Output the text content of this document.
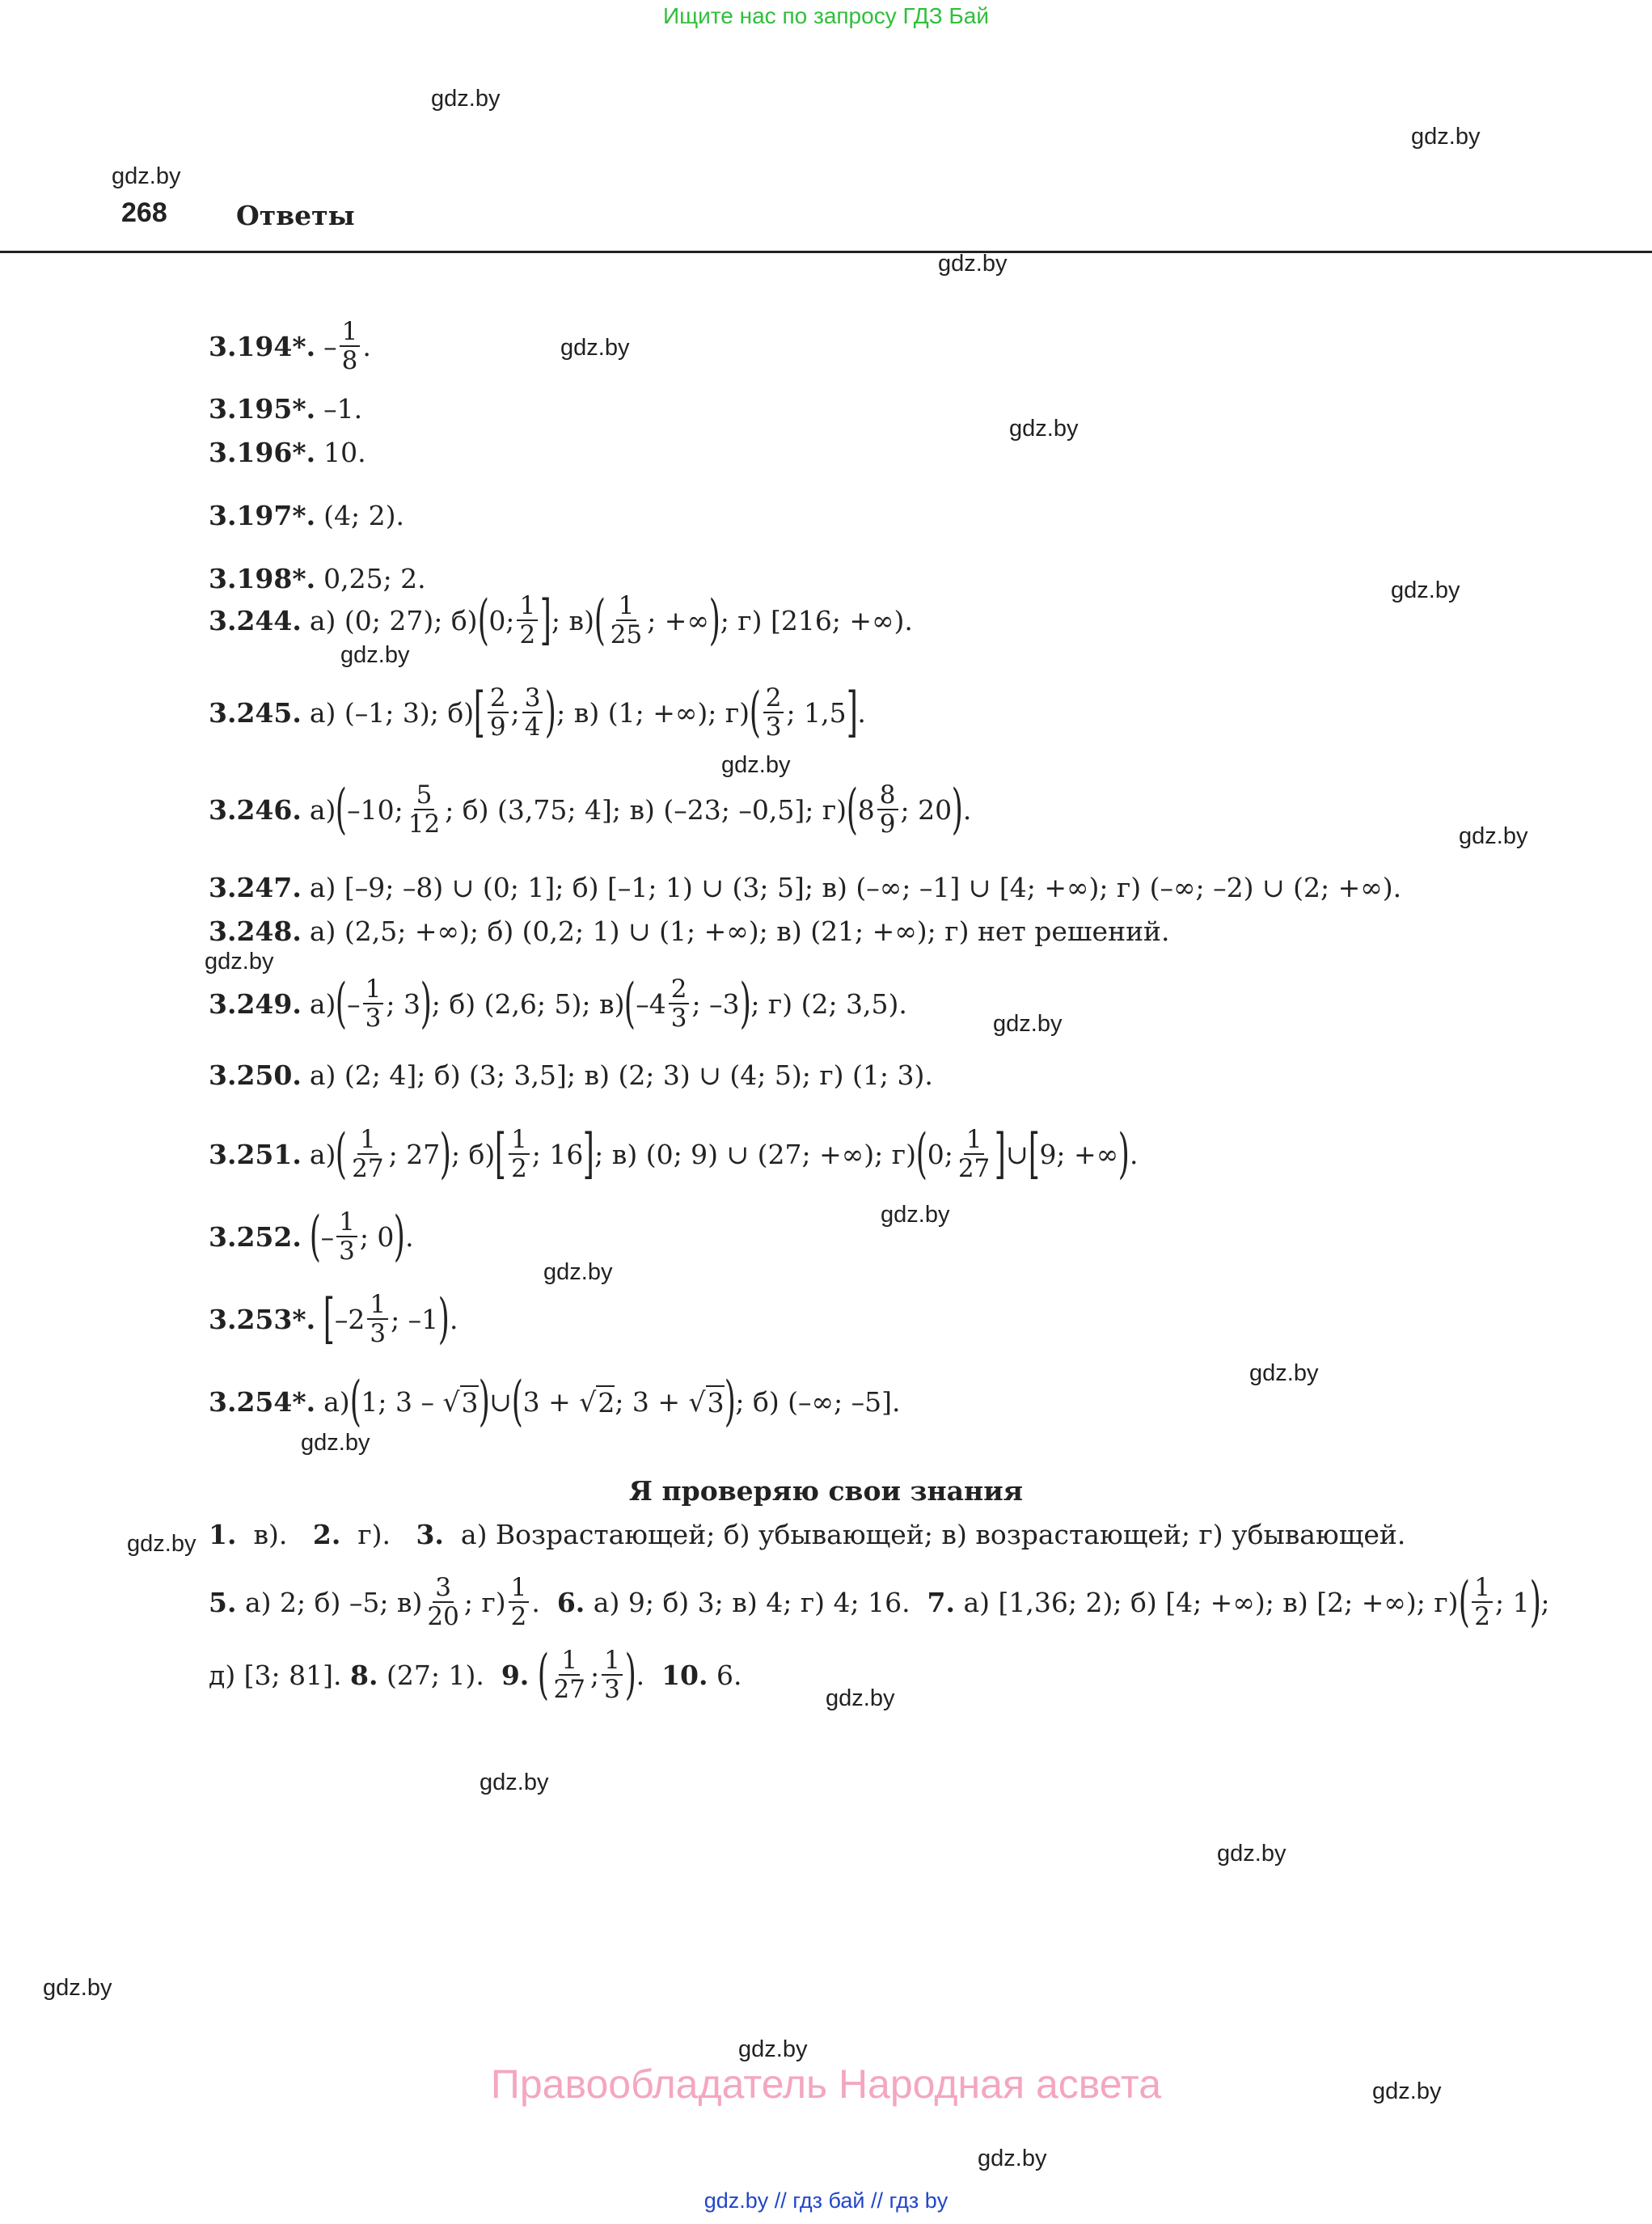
Ищите нас по запросу ГДЗ Бай
gdz.by
gdz.by
gdz.by
268	Ответы
gdz.by
gdz.by
gdz.by
gdz.by
gdz.by
gdz.by
gdz.by
gdz.by
gdz.by
gdz.by
gdz.by
gdz.by
gdz.by
gdz.by
gdz.by
gdz.by
gdz.by
gdz.by
gdz.by
gdz.by
gdz.by
3.194*. – $\frac{1}{8}$ .
3.195*. –1.
3.196*. 10.
3.197*. (4; 2).
3.198*. 0,25; 2.
3.244. а) (0; 27); б) ( 0; $\frac{1}{2}$ ] ; в) ( $\frac{1}{25}$ ; +∞ ) ; г) [216; +∞).
3.245. а) (–1; 3); б) [ $\frac{2}{9}$ ; $\frac{3}{4}$ ) ; в) (1; +∞); г) ( $\frac{2}{3}$ ; 1,5 ] .
3.246. а) ( –10; $\frac{5}{12}$ ; б) (3,75; 4]; в) (–23; –0,5]; г) ( $8 \frac{8}{9}$ ; 20 ) .
3.247. а) [–9; –8) ∪ (0; 1]; б) [–1; 1) ∪ (3; 5]; в) (–∞; –1] ∪ [4; +∞); г) (–∞; –2) ∪ (2; +∞).
3.248. а) (2,5; +∞); б) (0,2; 1) ∪ (1; +∞); в) (21; +∞); г) нет решений.
3.249. а) ( – $\frac{1}{3}$ ; 3 ) ; б) (2,6; 5); в) ( $-4 \frac{2}{3}$ ; –3 ) ; г) (2; 3,5).
3.250. а) (2; 4]; б) (3; 3,5]; в) (2; 3) ∪ (4; 5); г) (1; 3).
3.251. а) ( $\frac{1}{27}$ ; 27 ) ; б) [ $\frac{1}{2}$ ; 16 ] ; в) (0; 9) ∪ (27; +∞); г) ( 0; $\frac{1}{27}$ ] ∪ [ 9; +∞ ) .
3.252. ( – $\frac{1}{3}$ ; 0 ) .
3.253*. [ $-2 \frac{1}{3}$ ; –1 ) .
3.254*. а) ( 1; 3 – √ 3 ) ∪ ( 3 + √ 2 ; 3 + √ 3 ) ; б) (–∞; –5].
Я проверяю свои знания
1.
в).
2.
г).
3.
а) Возрастающей; б) убывающей; в) возрастающей; г) убывающей.
5.
а) 2; б) –5; $в) \frac{3}{20}$ ; $г) \frac{1}{2}$ .
6.
а) 9; б) 3; в) 4; г) 4; 16.
7.
а) [1,36; 2); б) [4; +∞); в) [2; +∞); г) ( $\frac{1}{2}$ ; 1 ) ;
д) [3; 81].
8.
(27; 1).
9.
( $\frac{1}{27}$ ; $\frac{1}{3}$ ) .
10.
6.
Правообладатель Народная асвета
gdz.by // гдз бай // гдз by
